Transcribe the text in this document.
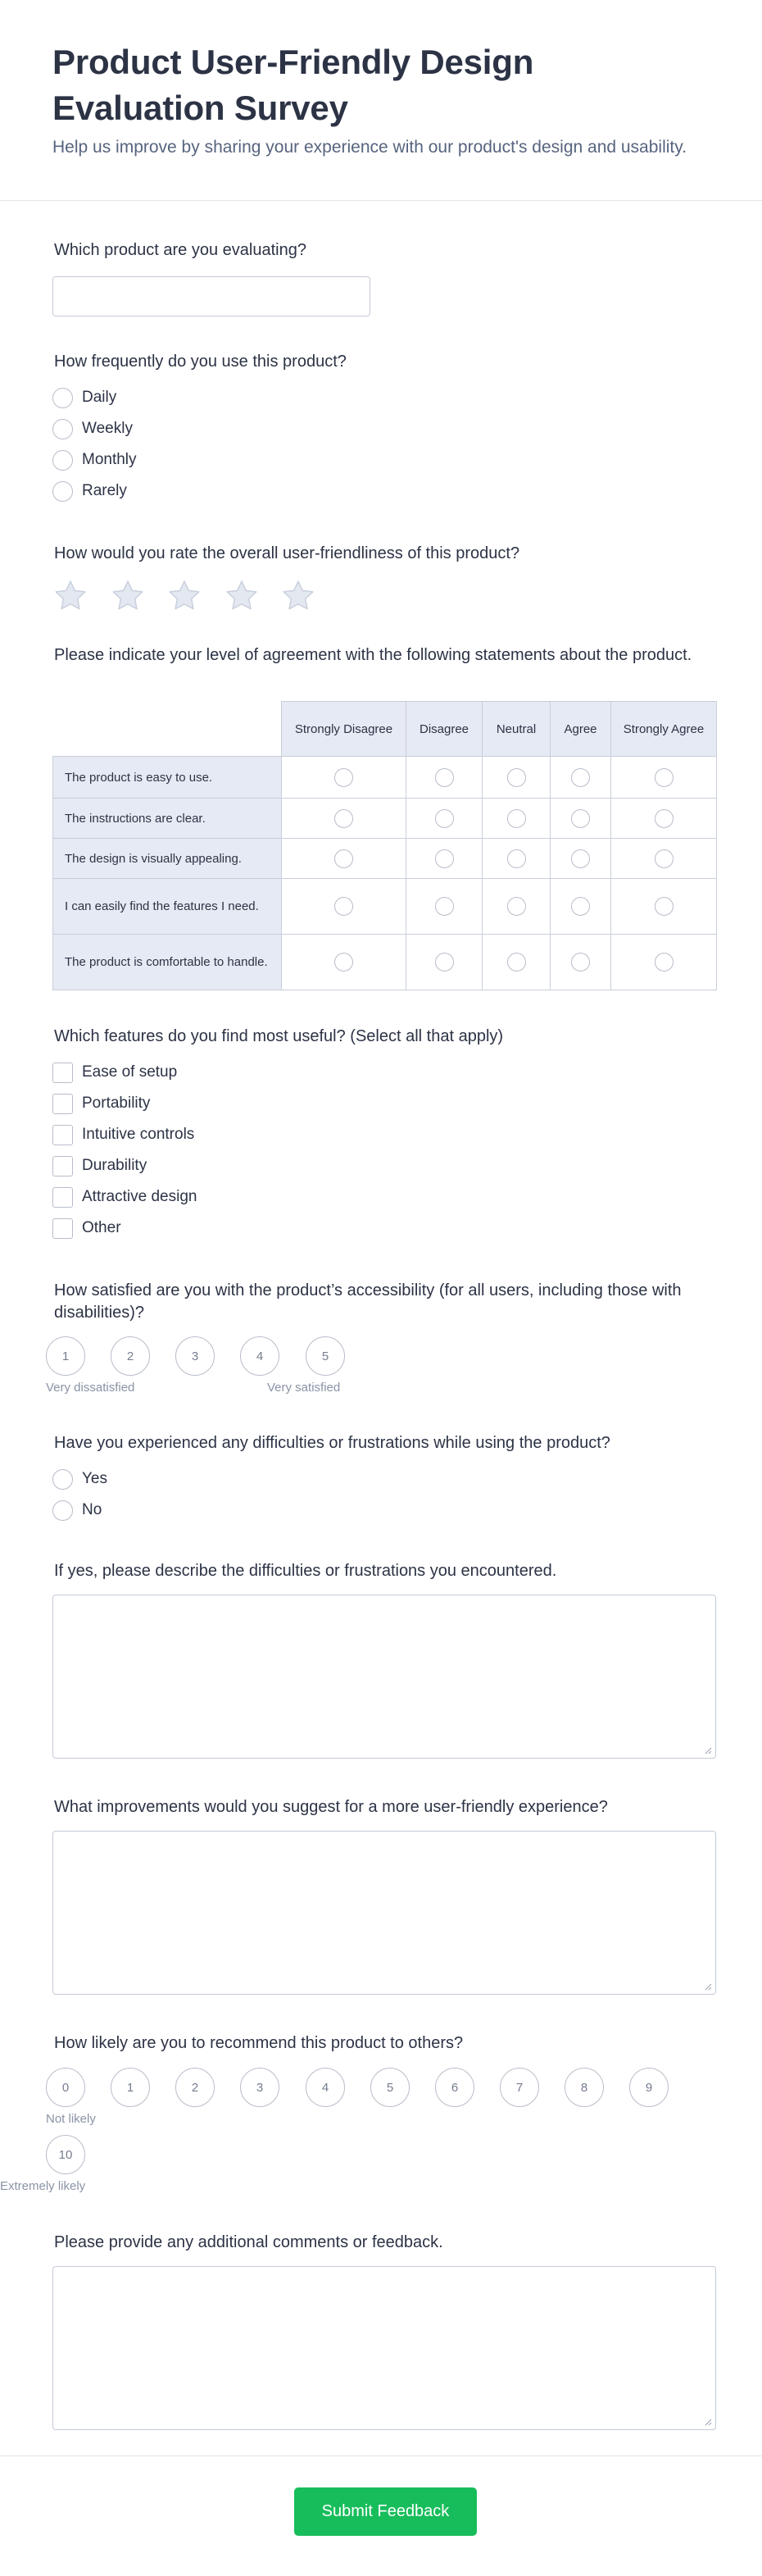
Product User-Friendly Design Evaluation Survey

Help us improve by sharing your experience with our product's design and usability.

Which product are you evaluating?
How frequently do you use this product?
Daily
Weekly
Monthly
Rarely
How would you rate the overall user-friendliness of this product?
Please indicate your level of agreement with the following statements about the product.
	Strongly Disagree	Disagree	Neutral	Agree	Strongly Agree
The product is easy to use.					
The instructions are clear.					
The design is visually appealing.					
I can easily find the features I need.					
The product is comfortable to handle.					
Which features do you find most useful? (Select all that apply)
Ease of setup
Portability
Intuitive controls
Durability
Attractive design
Other
How satisfied are you with the product’s accessibility (for all users, including those with disabilities)?
1	2	3	4	5
Very dissatisfied	Very satisfied
Have you experienced any difficulties or frustrations while using the product?
Yes
No
If yes, please describe the difficulties or frustrations you encountered.
What improvements would you suggest for a more user-friendly experience?
How likely are you to recommend this product to others?
0	1	2	3	4	5	6	7	8	9
Not likely
10
Extremely likely
Please provide any additional comments or feedback.
Submit Feedback
